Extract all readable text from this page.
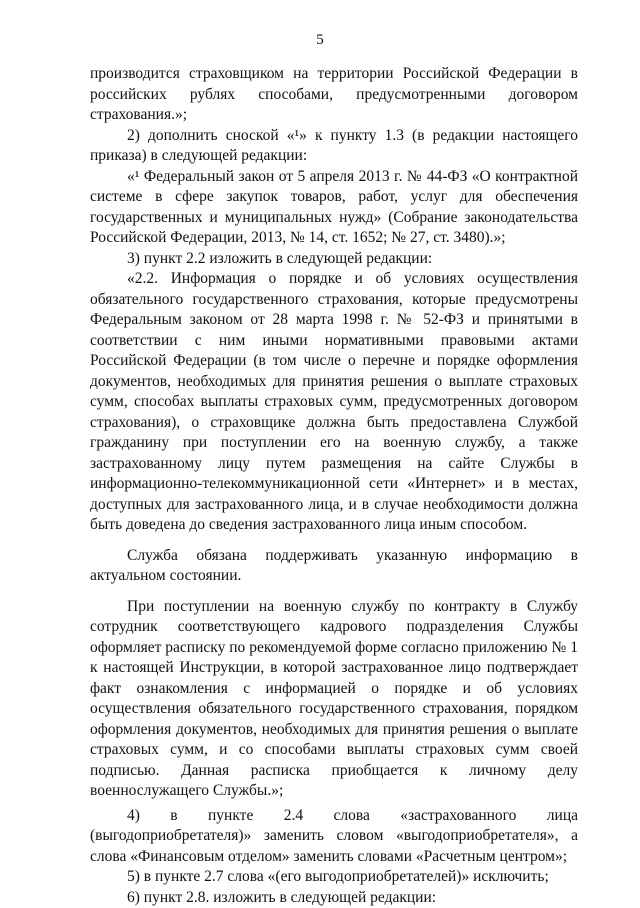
5

производится страховщиком на территории Российской Федерации в российских рублях способами, предусмотренными договором страхования.»;

2) дополнить сноской «¹» к пункту 1.3 (в редакции настоящего приказа) в следующей редакции:

«¹ Федеральный закон от 5 апреля 2013 г. № 44-ФЗ «О контрактной системе в сфере закупок товаров, работ, услуг для обеспечения государственных и муниципальных нужд» (Собрание законодательства Российской Федерации, 2013, № 14, ст. 1652; № 27, ст. 3480).»;

3) пункт 2.2 изложить в следующей редакции:

«2.2. Информация о порядке и об условиях осуществления обязательного государственного страхования, которые предусмотрены Федеральным законом от 28 марта 1998 г. № 52-ФЗ и принятыми в соответствии с ним иными нормативными правовыми актами Российской Федерации (в том числе о перечне и порядке оформления документов, необходимых для принятия решения о выплате страховых сумм, способах выплаты страховых сумм, предусмотренных договором страхования), о страховщике должна быть предоставлена Службой гражданину при поступлении его на военную службу, а также застрахованному лицу путем размещения на сайте Службы в информационно-телекоммуникационной сети «Интернет» и в местах, доступных для застрахованного лица, и в случае необходимости должна быть доведена до сведения застрахованного лица иным способом.

Служба обязана поддерживать указанную информацию в актуальном состоянии.

При поступлении на военную службу по контракту в Службу сотрудник соответствующего кадрового подразделения Службы оформляет расписку по рекомендуемой форме согласно приложению № 1 к настоящей Инструкции, в которой застрахованное лицо подтверждает факт ознакомления с информацией о порядке и об условиях осуществления обязательного государственного страхования, порядком оформления документов, необходимых для принятия решения о выплате страховых сумм, и со способами выплаты страховых сумм своей подписью. Данная расписка приобщается к личному делу военнослужащего Службы.»;

4) в пункте 2.4 слова «застрахованного лица (выгодоприобретателя)» заменить словом «выгодоприобретателя», а слова «Финансовым отделом» заменить словами «Расчетным центром»;

5) в пункте 2.7 слова «(его выгодоприобретателей)» исключить;

6) пункт 2.8. изложить в следующей редакции:
